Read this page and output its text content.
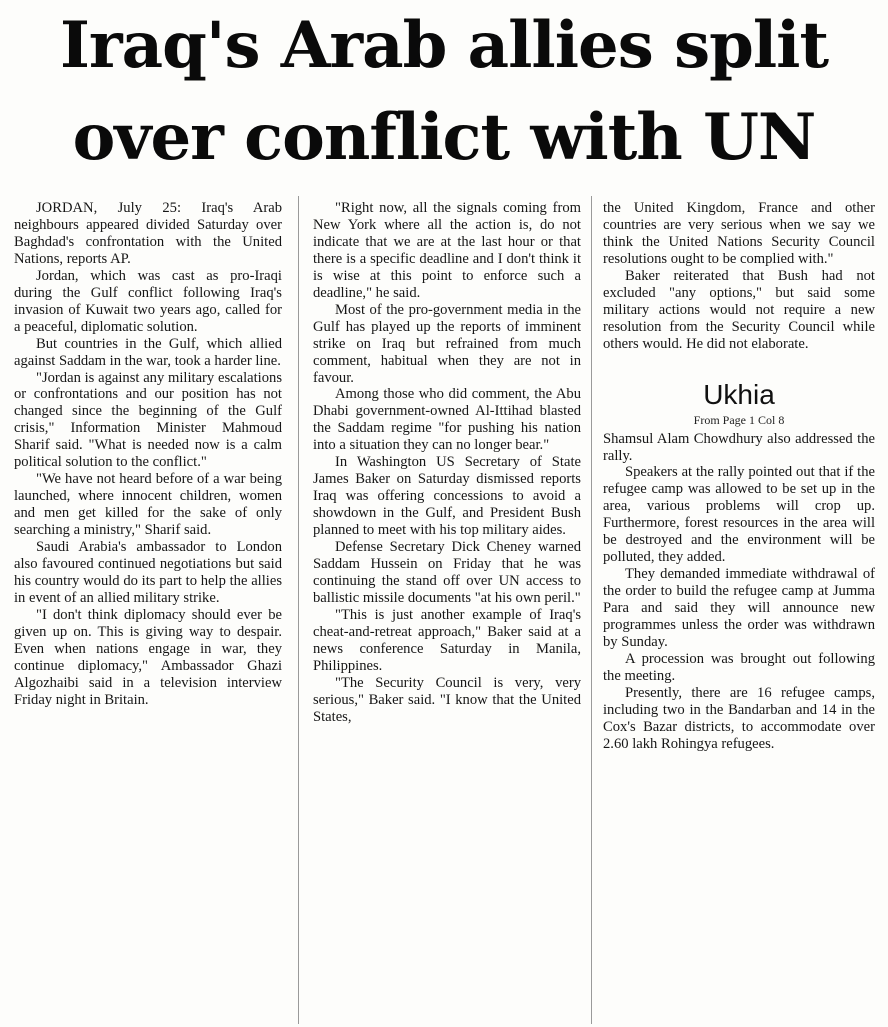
Iraq's Arab allies split
over conflict with UN

JORDAN, July 25: Iraq's Arab neighbours appeared divided Saturday over Baghdad's confrontation with the United Nations, reports AP.

Jordan, which was cast as pro-Iraqi during the Gulf conflict following Iraq's invasion of Kuwait two years ago, called for a peaceful, diplomatic solution.

But countries in the Gulf, which allied against Saddam in the war, took a harder line.

"Jordan is against any military escalations or confrontations and our position has not changed since the beginning of the Gulf crisis," Information Minister Mahmoud Sharif said. "What is needed now is a calm political solution to the conflict."

"We have not heard before of a war being launched, where innocent children, women and men get killed for the sake of only searching a ministry," Sharif said.

Saudi Arabia's ambassador to London also favoured continued negotiations but said his country would do its part to help the allies in event of an allied military strike.

"I don't think diplomacy should ever be given up on. This is giving way to despair. Even when nations engage in war, they continue diplomacy," Ambassador Ghazi Algozhaibi said in a television interview Friday night in Britain.

"Right now, all the signals coming from New York where all the action is, do not indicate that we are at the last hour or that there is a specific deadline and I don't think it is wise at this point to enforce such a deadline," he said.

Most of the pro-government media in the Gulf has played up the reports of imminent strike on Iraq but refrained from much comment, habitual when they are not in favour.

Among those who did comment, the Abu Dhabi government-owned Al-Ittihad blasted the Saddam regime "for pushing his nation into a situation they can no longer bear."

In Washington US Secretary of State James Baker on Saturday dismissed reports Iraq was offering concessions to avoid a showdown in the Gulf, and President Bush planned to meet with his top military aides.

Defense Secretary Dick Cheney warned Saddam Hussein on Friday that he was continuing the stand off over UN access to ballistic missile documents "at his own peril."

"This is just another example of Iraq's cheat-and-retreat approach," Baker said at a news conference Saturday in Manila, Philippines.

"The Security Council is very, very serious," Baker said. "I know that the United States,

the United Kingdom, France and other countries are very serious when we say we think the United Nations Security Council resolutions ought to be complied with."

Baker reiterated that Bush had not excluded "any options," but said some military actions would not require a new resolution from the Security Council while others would. He did not elaborate.

Ukhia
From Page 1 Col 8

Shamsul Alam Chowdhury also addressed the rally.

Speakers at the rally pointed out that if the refugee camp was allowed to be set up in the area, various problems will crop up. Furthermore, forest resources in the area will be destroyed and the environment will be polluted, they added.

They demanded immediate withdrawal of the order to build the refugee camp at Jumma Para and said they will announce new programmes unless the order was withdrawn by Sunday.

A procession was brought out following the meeting.

Presently, there are 16 refugee camps, including two in the Bandarban and 14 in the Cox's Bazar districts, to accommodate over 2.60 lakh Rohingya refugees.
